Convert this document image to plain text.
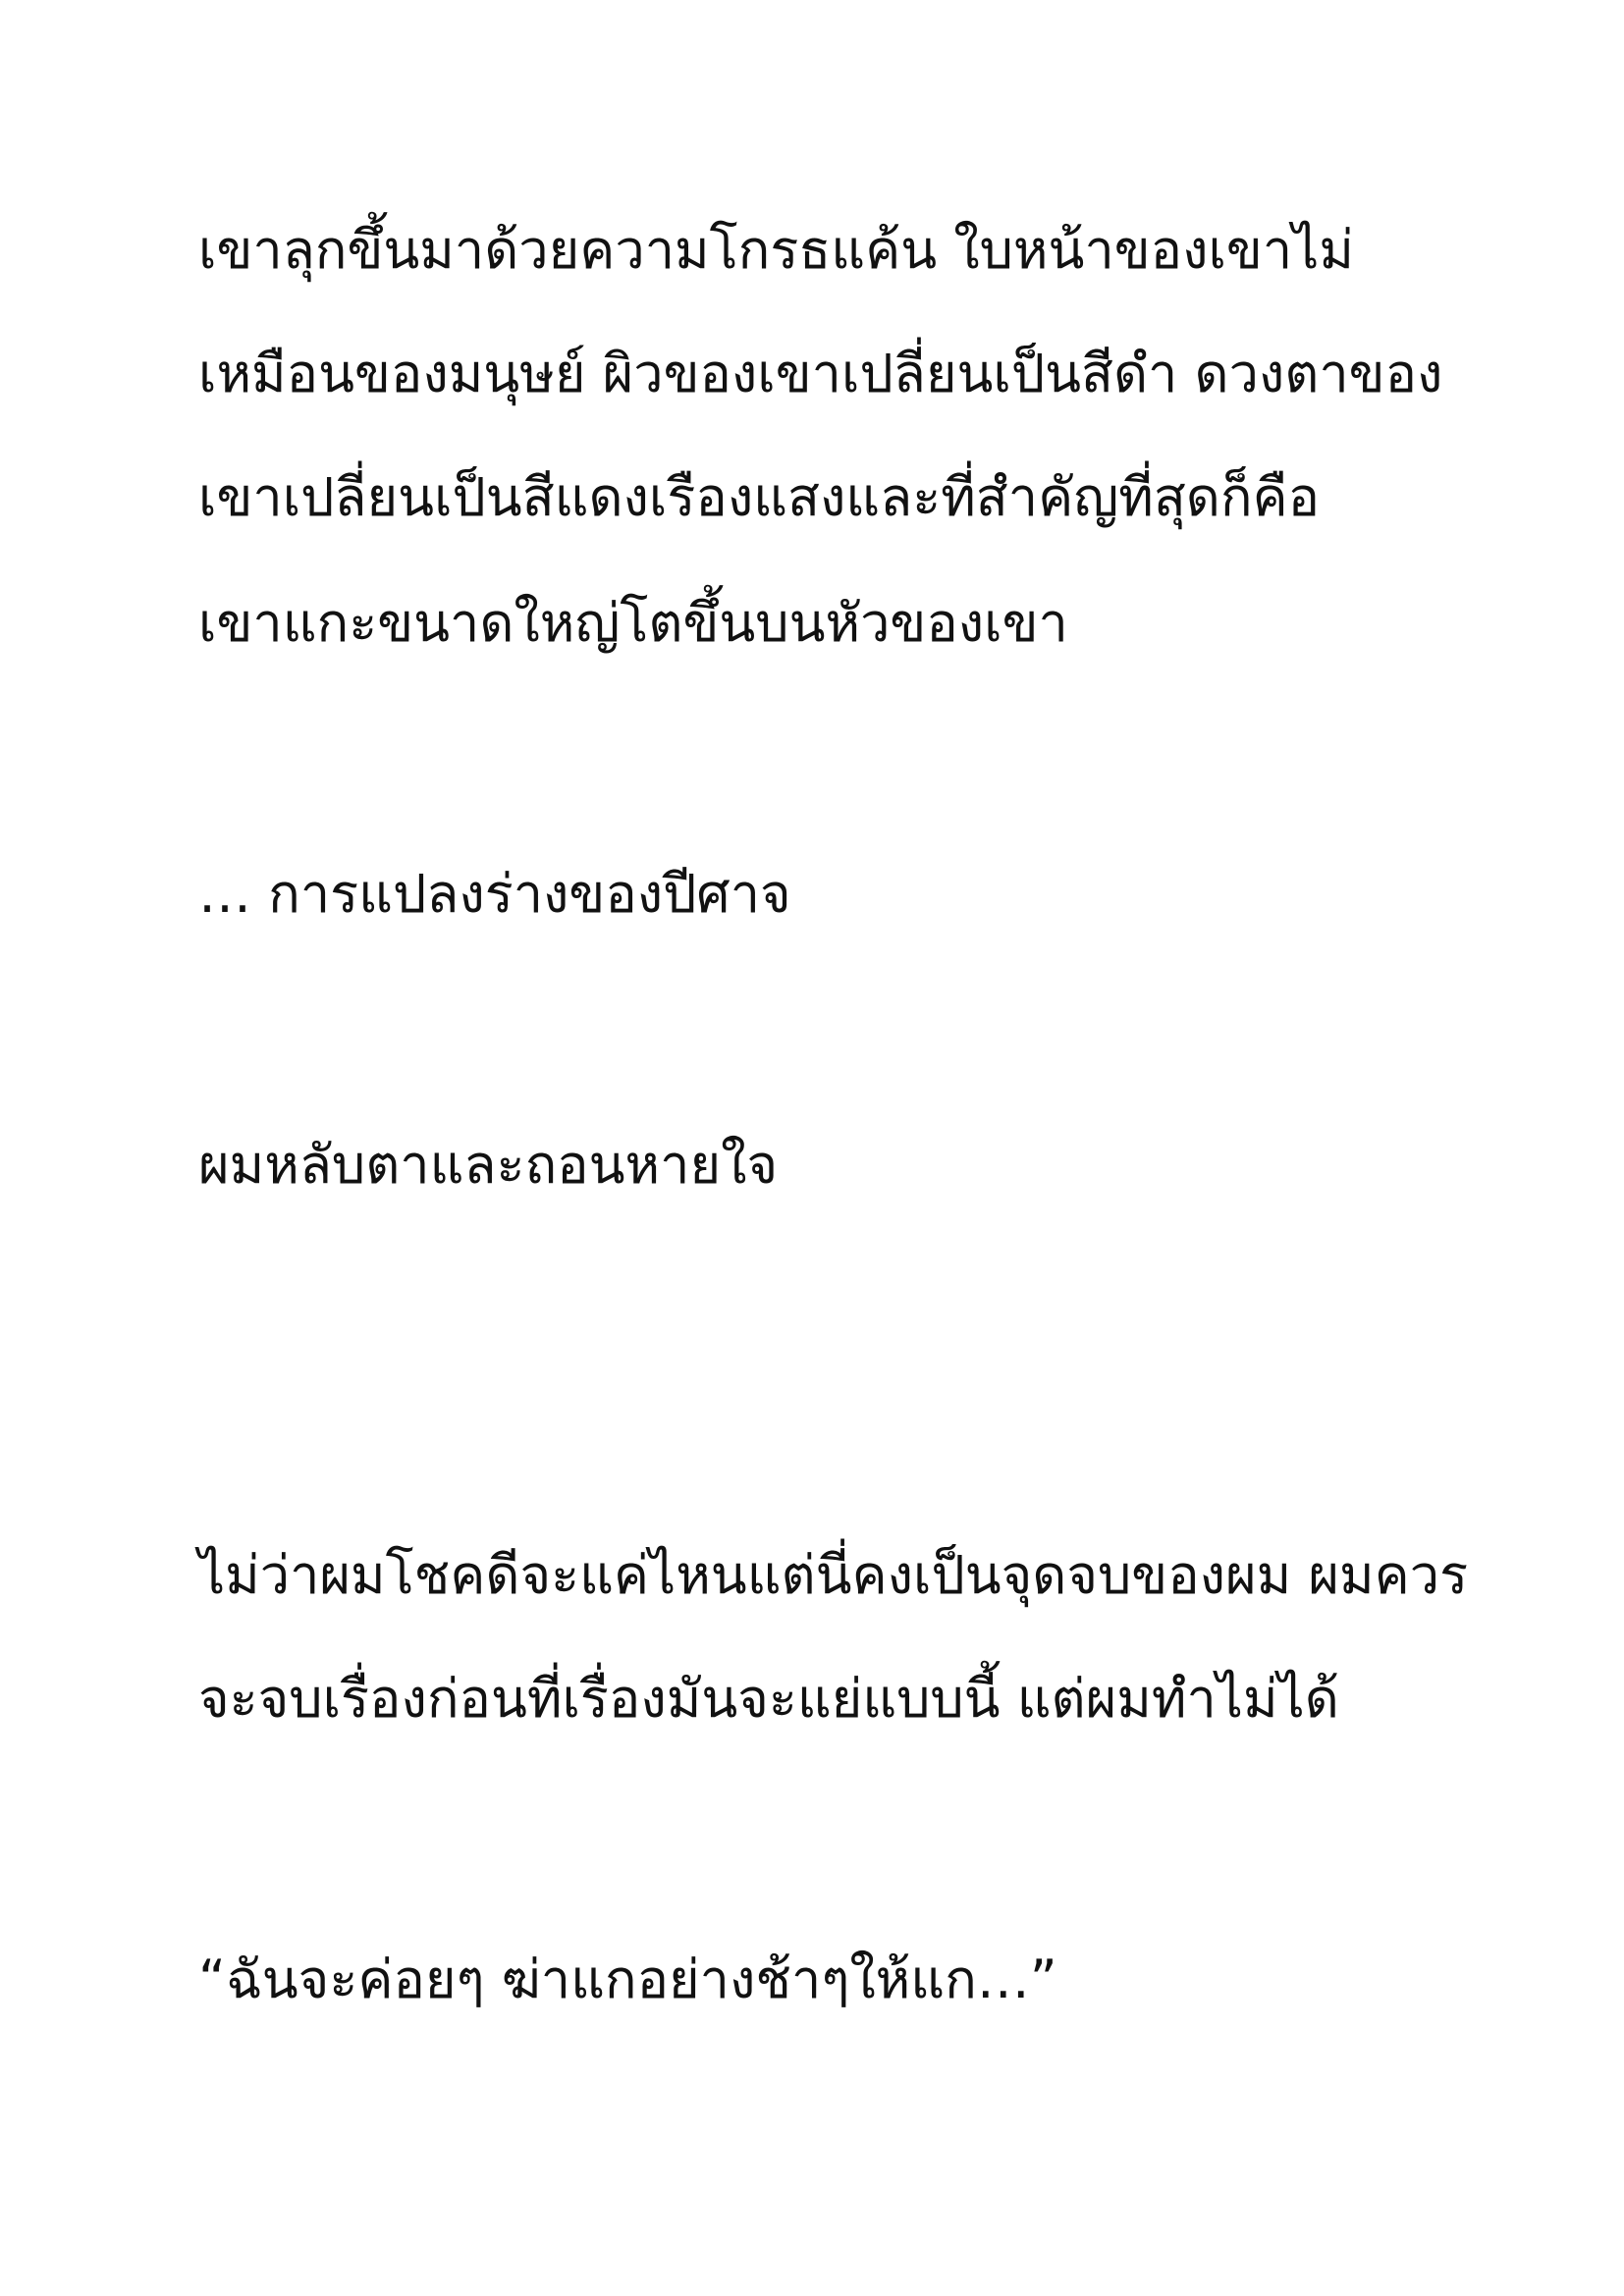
เขาลุกขึ้นมาด้วยความโกรธแค้น ใบหน้าของเขาไม่
เหมือนของมนุษย์ ผิวของเขาเปลี่ยนเป็นสีดำ ดวงตาของ
เขาเปลี่ยนเป็นสีแดงเรืองแสงและที่สำคัญที่สุดก็คือ
เขาแกะขนาดใหญ่โตขึ้นบนหัวของเขา
… การแปลงร่างของปีศาจ
ผมหลับตาและถอนหายใจ
ไม่ว่าผมโชคดีจะแค่ไหนแต่นี่คงเป็นจุดจบของผม ผมควร
จะจบเรื่องก่อนที่เรื่องมันจะแย่แบบนี้ แต่ผมทำไม่ได้
“ฉันจะค่อยๆ ฆ่าแกอย่างช้าๆให้แก…”
